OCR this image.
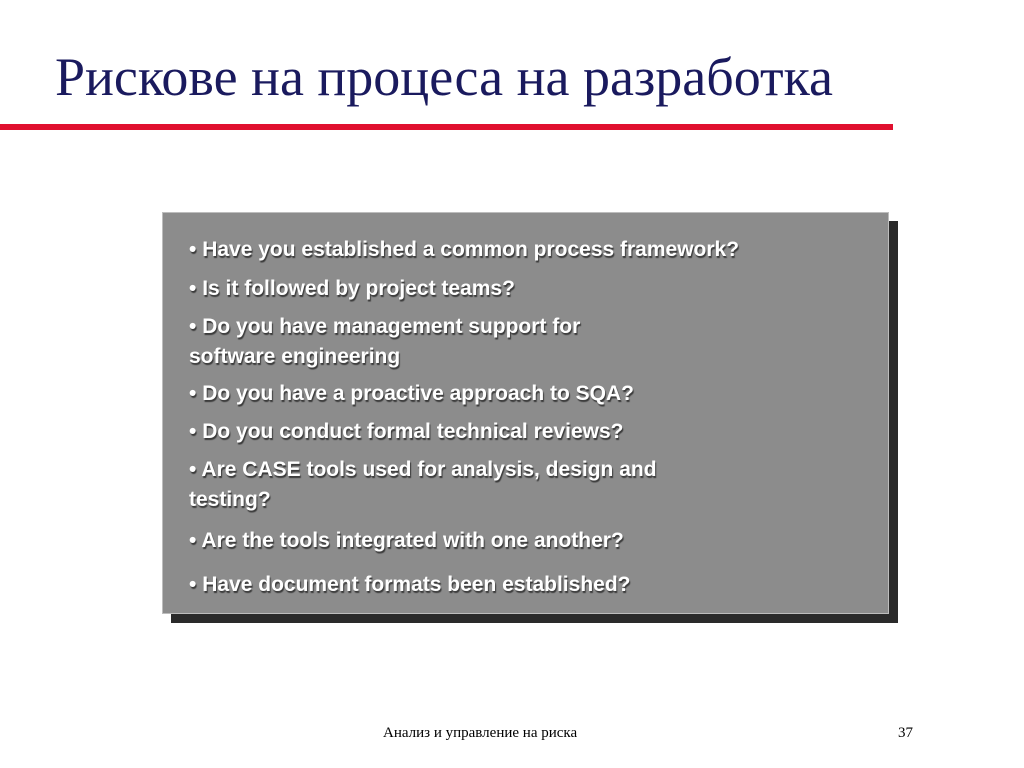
Рискове на процеса на разработка

• Have you established a common process framework?

• Is it followed by project teams?

• Do you have management support for
software engineering

• Do you have a proactive approach to SQA?

• Do you conduct formal technical reviews?

• Are CASE tools used for analysis, design and
testing?

• Are the tools integrated with one another?

• Have document formats been established?

Анализ и управление на риска	37
